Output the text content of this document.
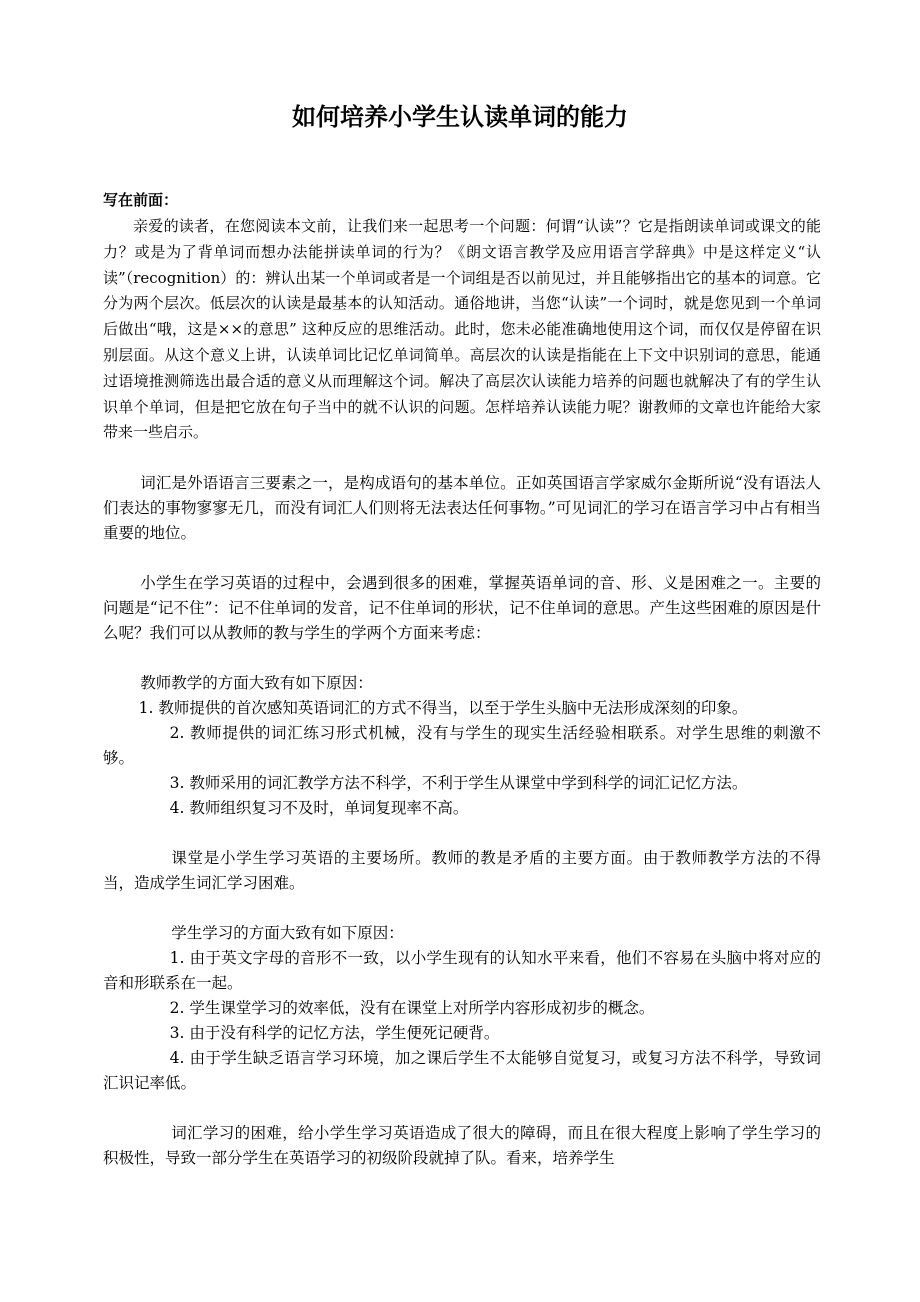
如何培养小学生认读单词的能力

写在前面：

亲爱的读者，在您阅读本文前，让我们来一起思考一个问题：何谓“认读”？它是指朗读单词或课文的能力？或是为了背单词而想办法能拼读单词的行为？《朗文语言教学及应用语言学辞典》中是这样定义“认读”（recognition）的：辨认出某一个单词或者是一个词组是否以前见过，并且能够指出它的基本的词意。它分为两个层次。低层次的认读是最基本的认知活动。通俗地讲，当您“认读”一个词时，就是您见到一个单词后做出“哦，这是××的意思” 这种反应的思维活动。此时，您未必能准确地使用这个词，而仅仅是停留在识别层面。从这个意义上讲，认读单词比记忆单词简单。高层次的认读是指能在上下文中识别词的意思，能通过语境推测筛选出最合适的意义从而理解这个词。解决了高层次认读能力培养的问题也就解决了有的学生认识单个单词，但是把它放在句子当中的就不认识的问题。怎样培养认读能力呢？谢教师的文章也许能给大家带来一些启示。

词汇是外语语言三要素之一，是构成语句的基本单位。正如英国语言学家威尔金斯所说“没有语法人们表达的事物寥寥无几，而没有词汇人们则将无法表达任何事物。”可见词汇的学习在语言学习中占有相当重要的地位。

小学生在学习英语的过程中，会遇到很多的困难，掌握英语单词的音、形、义是困难之一。主要的问题是“记不住”：记不住单词的发音，记不住单词的形状，记不住单词的意思。产生这些困难的原因是什么呢？我们可以从教师的教与学生的学两个方面来考虑：

教师教学的方面大致有如下原因：

1. 教师提供的首次感知英语词汇的方式不得当，以至于学生头脑中无法形成深刻的印象。

2. 教师提供的词汇练习形式机械，没有与学生的现实生活经验相联系。对学生思维的刺激不够。

3. 教师采用的词汇教学方法不科学，不利于学生从课堂中学到科学的词汇记忆方法。

4. 教师组织复习不及时，单词复现率不高。

课堂是小学生学习英语的主要场所。教师的教是矛盾的主要方面。由于教师教学方法的不得当，造成学生词汇学习困难。

学生学习的方面大致有如下原因：

1. 由于英文字母的音形不一致，以小学生现有的认知水平来看，他们不容易在头脑中将对应的音和形联系在一起。

2. 学生课堂学习的效率低，没有在课堂上对所学内容形成初步的概念。

3. 由于没有科学的记忆方法，学生便死记硬背。

4. 由于学生缺乏语言学习环境，加之课后学生不太能够自觉复习，或复习方法不科学，导致词汇识记率低。

词汇学习的困难，给小学生学习英语造成了很大的障碍，而且在很大程度上影响了学生学习的积极性，导致一部分学生在英语学习的初级阶段就掉了队。看来，培养学生
